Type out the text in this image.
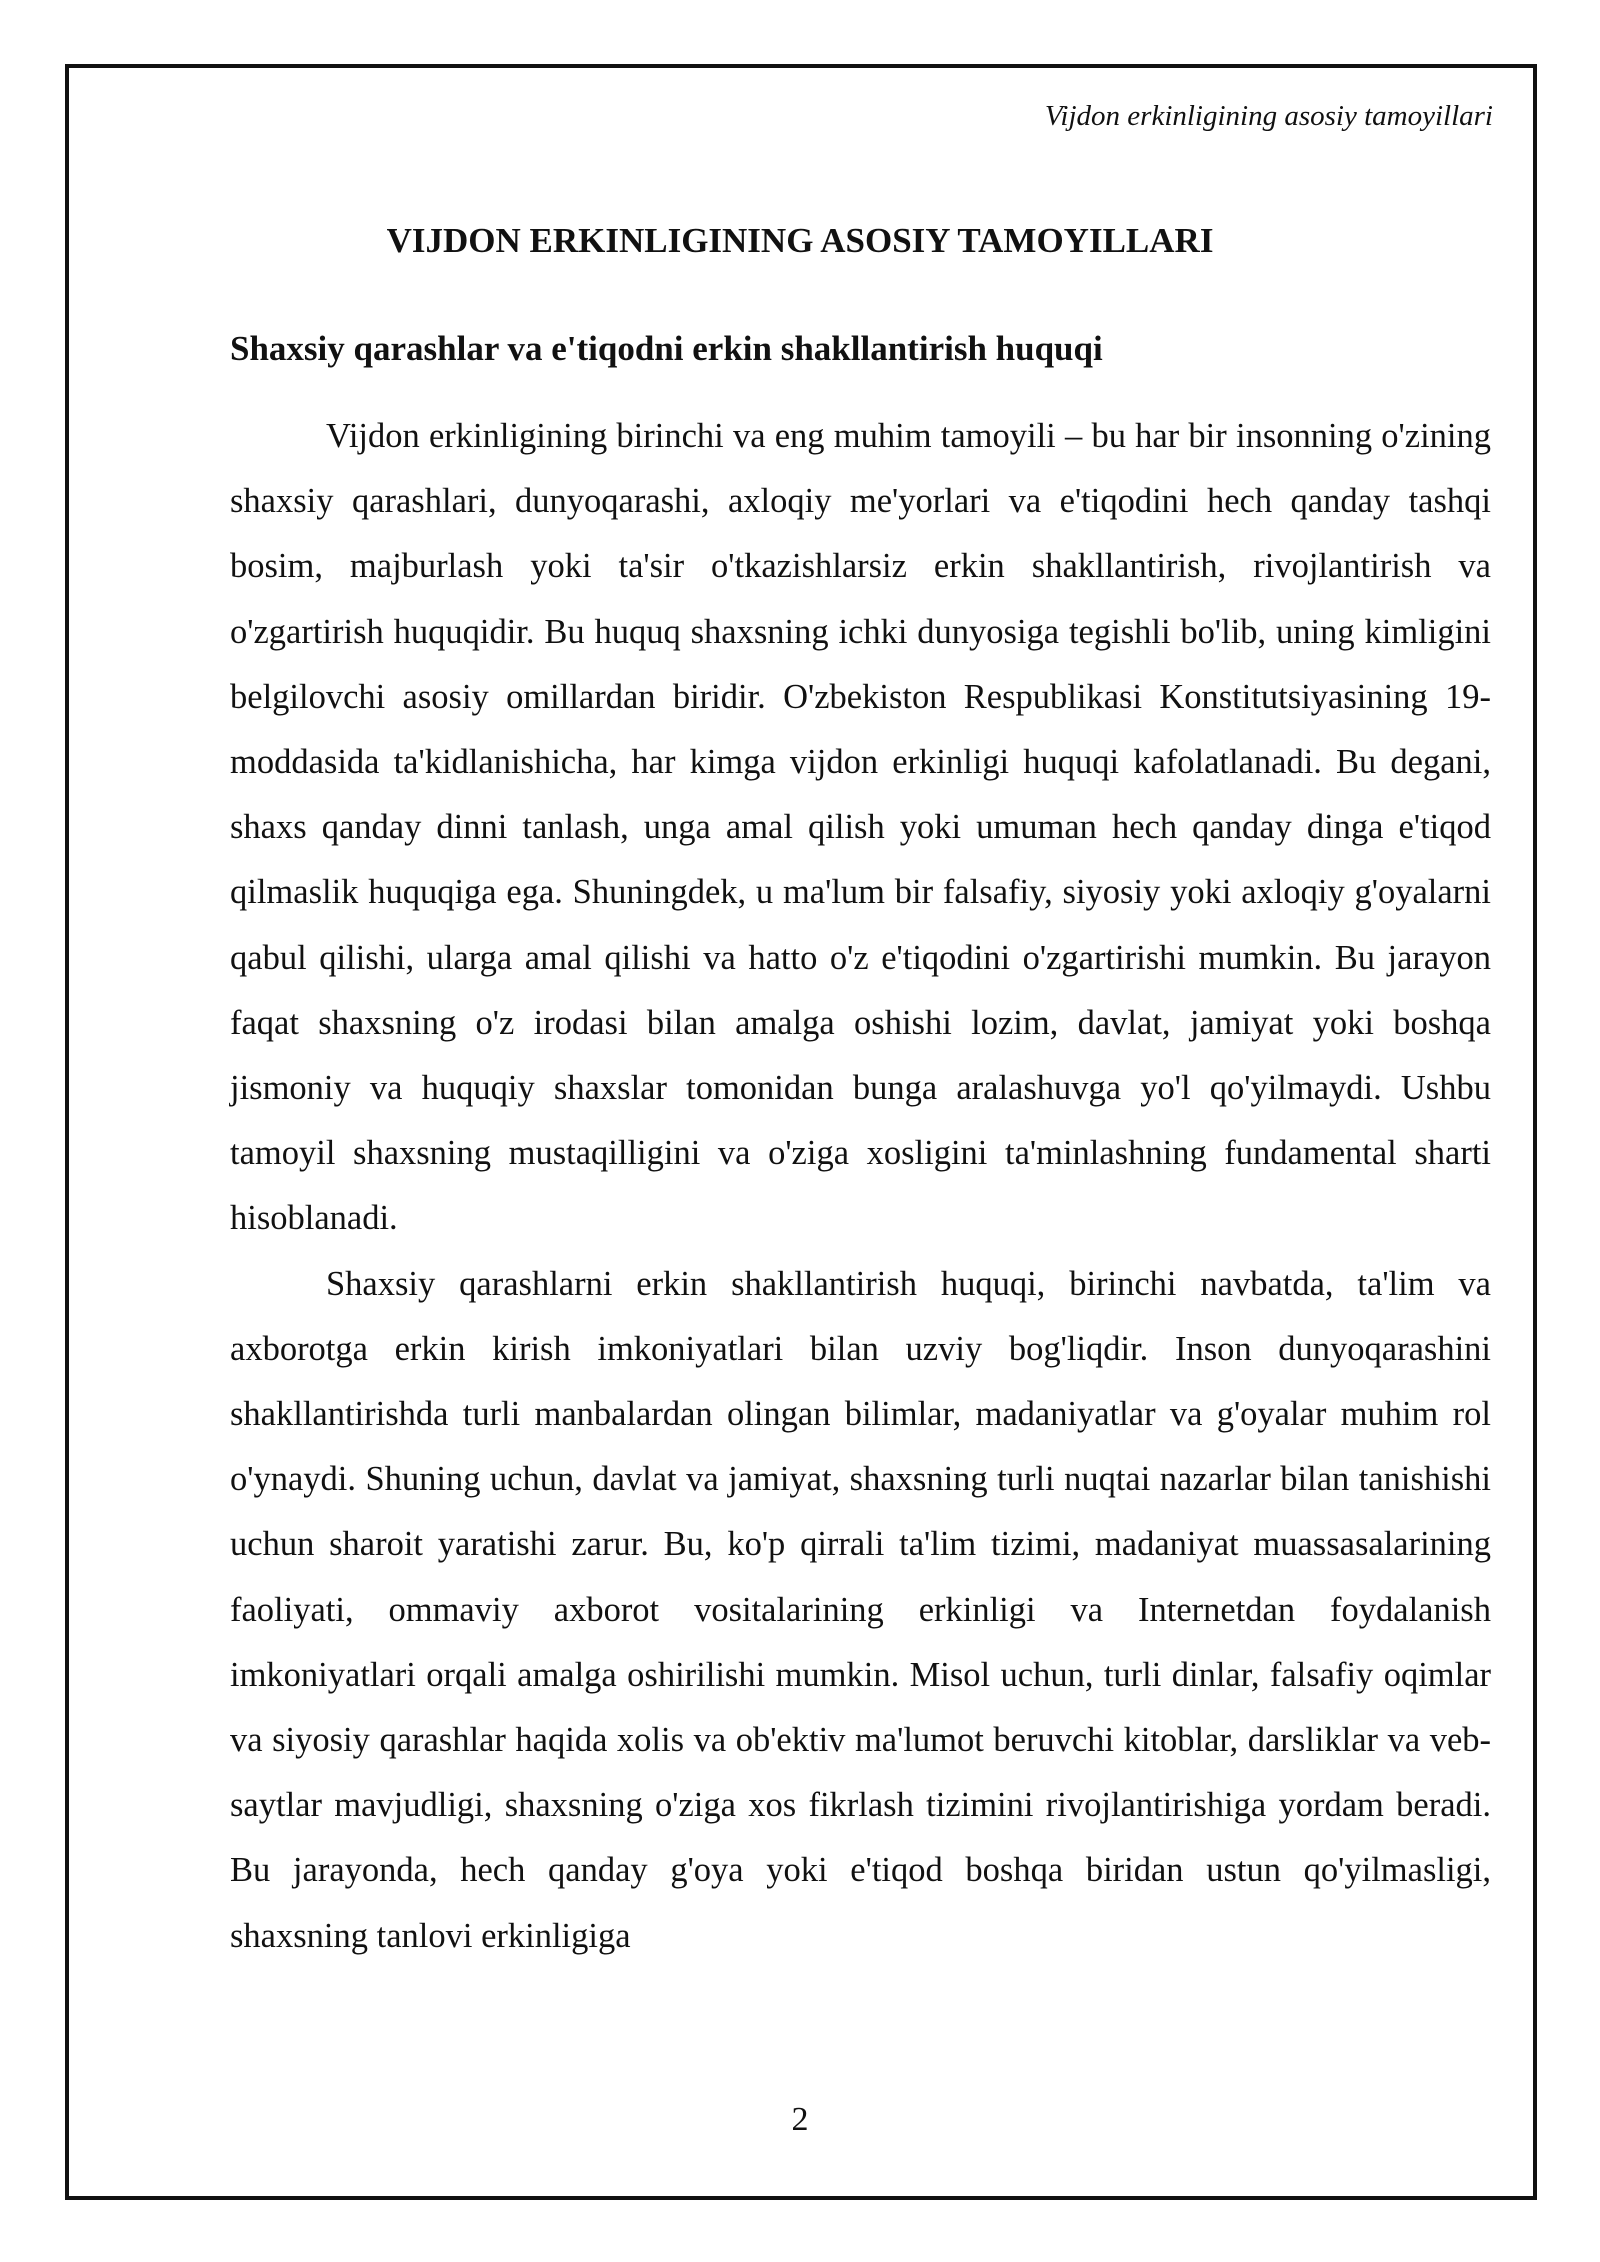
Vijdon erkinligining asosiy tamoyillari
VIJDON ERKINLIGINING ASOSIY TAMOYILLARI
Shaxsiy qarashlar va e'tiqodni erkin shakllantirish huquqi

Vijdon erkinligining birinchi va eng muhim tamoyili – bu har bir insonning o'zining shaxsiy qarashlari, dunyoqarashi, axloqiy me'yorlari va e'tiqodini hech qanday tashqi bosim, majburlash yoki ta'sir o'tkazishlarsiz erkin shakllantirish, rivojlantirish va o'zgartirish huquqidir. Bu huquq shaxsning ichki dunyosiga tegishli bo'lib, uning kimligini belgilovchi asosiy omillardan biridir. O'zbekiston Respublikasi Konstitutsiyasining 19-moddasida ta'kidlanishicha, har kimga vijdon erkinligi huquqi kafolatlanadi. Bu degani, shaxs qanday dinni tanlash, unga amal qilish yoki umuman hech qanday dinga e'tiqod qilmaslik huquqiga ega. Shuningdek, u ma'lum bir falsafiy, siyosiy yoki axloqiy g'oyalarni qabul qilishi, ularga amal qilishi va hatto o'z e'tiqodini o'zgartirishi mumkin. Bu jarayon faqat shaxsning o'z irodasi bilan amalga oshishi lozim, davlat, jamiyat yoki boshqa jismoniy va huquqiy shaxslar tomonidan bunga aralashuvga yo'l qo'yilmaydi. Ushbu tamoyil shaxsning mustaqilligini va o'ziga xosligini ta'minlashning fundamental sharti hisoblanadi.

Shaxsiy qarashlarni erkin shakllantirish huquqi, birinchi navbatda, ta'lim va axborotga erkin kirish imkoniyatlari bilan uzviy bog'liqdir. Inson dunyoqarashini shakllantirishda turli manbalardan olingan bilimlar, madaniyatlar va g'oyalar muhim rol o'ynaydi. Shuning uchun, davlat va jamiyat, shaxsning turli nuqtai nazarlar bilan tanishishi uchun sharoit yaratishi zarur. Bu, ko'p qirrali ta'lim tizimi, madaniyat muassasalarining faoliyati, ommaviy axborot vositalarining erkinligi va Internetdan foydalanish imkoniyatlari orqali amalga oshirilishi mumkin. Misol uchun, turli dinlar, falsafiy oqimlar va siyosiy qarashlar haqida xolis va ob'ektiv ma'lumot beruvchi kitoblar, darsliklar va veb-saytlar mavjudligi, shaxsning o'ziga xos fikrlash tizimini rivojlantirishiga yordam beradi. Bu jarayonda, hech qanday g'oya yoki e'tiqod boshqa biridan ustun qo'yilmasligi, shaxsning tanlovi erkinligiga

2
